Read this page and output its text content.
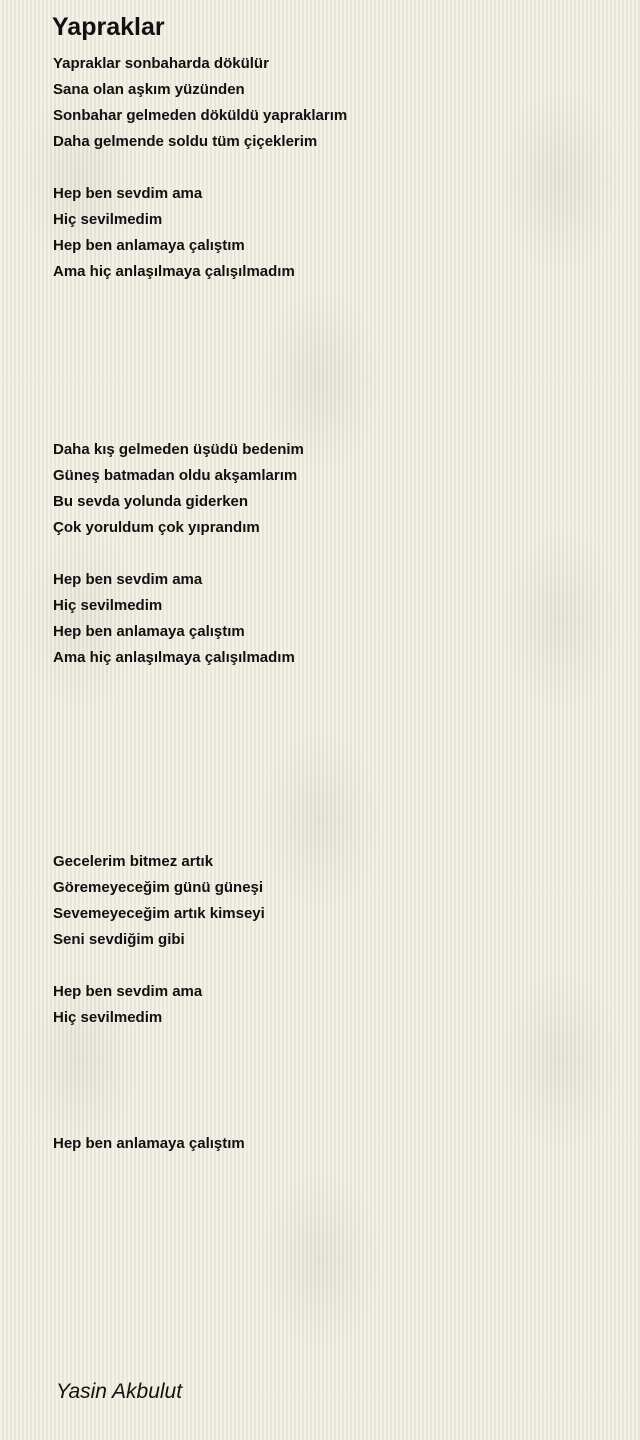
Yapraklar
Yapraklar sonbaharda dökülür
Sana olan aşkım yüzünden
Sonbahar gelmeden döküldü yapraklarım
Daha gelmende soldu tüm çiçeklerim
Hep ben sevdim ama
Hiç sevilmedim
Hep ben anlamaya çalıştım
Ama hiç anlaşılmaya çalışılmadım
Daha kış gelmeden üşüdü bedenim
Güneş batmadan oldu akşamlarım
Bu sevda yolunda giderken
Çok yoruldum çok yıprandım
Hep ben sevdim ama
Hiç sevilmedim
Hep ben anlamaya çalıştım
Ama hiç anlaşılmaya çalışılmadım
Gecelerim bitmez artık
Göremeyeceğim günü güneşi
Sevemeyeceğim artık kimseyi
Seni sevdiğim gibi
Hep ben sevdim ama
Hiç sevilmedim
Hep ben anlamaya çalıştım
Yasin Akbulut
